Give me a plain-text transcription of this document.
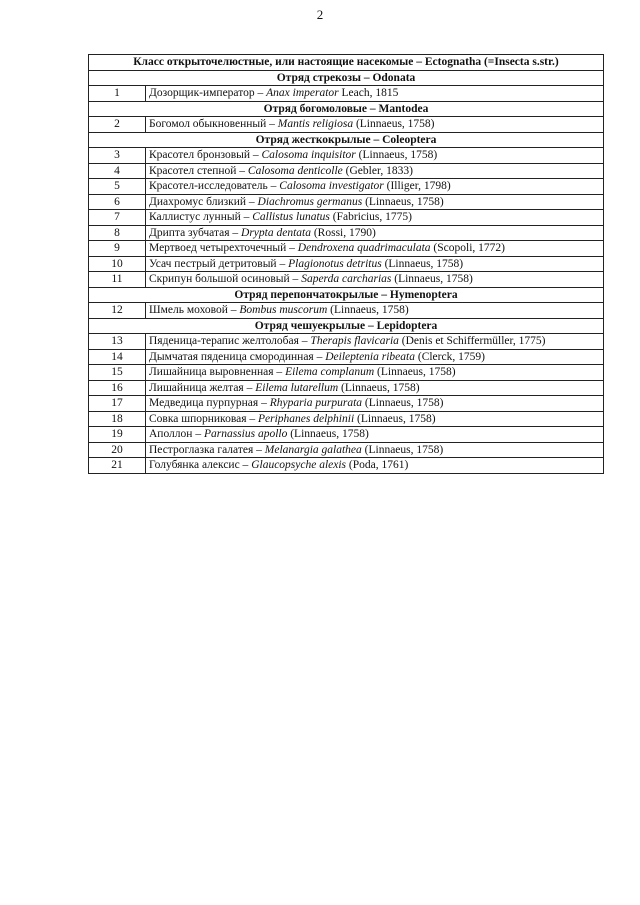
2
Класс открыточелюстные, или настоящие насекомые – Ectognatha (=Insecta s.str.)	
Отряд стрекозы – Odonata	
1	Дозорщик-император – Anax imperator Leach, 1815
Отряд богомоловые – Mantodea	
2	Богомол обыкновенный – Mantis religiosa (Linnaeus, 1758)
Отряд жесткокрылые – Coleoptera	
3	Красотел бронзовый – Calosoma inquisitor (Linnaeus, 1758)
4	Красотел степной – Calosoma denticolle (Gebler, 1833)
5	Красотел-исследователь – Calosoma investigator (Illiger, 1798)
6	Диахромус близкий – Diachromus germanus (Linnaeus, 1758)
7	Каллистус лунный – Callistus lunatus (Fabricius, 1775)
8	Дрипта зубчатая – Drypta dentata (Rossi, 1790)
9	Мертвоед четырехточечный – Dendroxena quadrimaculata (Scopoli, 1772)
10	Усач пестрый детритовый – Plagionotus detritus (Linnaeus, 1758)
11	Скрипун большой осиновый – Saperda carcharias (Linnaeus, 1758)
Отряд перепончатокрылые – Hymenoptera	
12	Шмель моховой – Bombus muscorum (Linnaeus, 1758)
Отряд чешуекрылые – Lepidoptera	
13	Пяденица-терапис желтолобая – Therapis flavicaria (Denis et Schiffermüller, 1775)
14	Дымчатая пяденица смородинная – Deileptenia ribeata (Clerck, 1759)
15	Лишайница выровненная – Eilema complanum (Linnaeus, 1758)
16	Лишайница желтая – Eilema lutarellum (Linnaeus, 1758)
17	Медведица пурпурная – Rhyparia purpurata (Linnaeus, 1758)
18	Совка шпорниковая – Periphanes delphinii (Linnaeus, 1758)
19	Аполлон – Parnassius apollo (Linnaeus, 1758)
20	Пестроглазка галатея – Melanargia galathea (Linnaeus, 1758)
21	Голубянка алексис – Glaucopsyche alexis (Poda, 1761)
